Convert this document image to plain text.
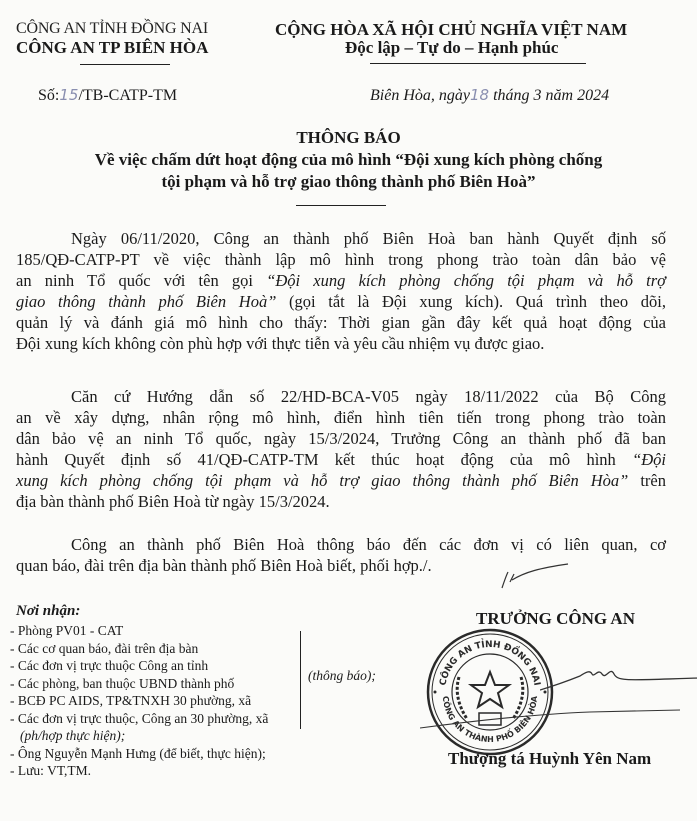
CÔNG AN TỈNH ĐỒNG NAI
CÔNG AN TP BIÊN HÒA
CỘNG HÒA XÃ HỘI CHỦ NGHĨA VIỆT NAM
Độc lập – Tự do – Hạnh phúc
Số:15/TB-CATP-TM	Biên Hòa, ngày18 tháng 3 năm 2024
THÔNG BÁO
Về việc chấm dứt hoạt động của mô hình “Đội xung kích phòng chống
tội phạm và hỗ trợ giao thông thành phố Biên Hoà”
Ngày 06/11/2020, Công an thành phố Biên Hoà ban hành Quyết định số
185/QĐ-CATP-PT về việc thành lập mô hình trong phong trào toàn dân bảo vệ
an ninh Tổ quốc với tên gọi “Đội xung kích phòng chống tội phạm và hỗ trợ
giao thông thành phố Biên Hoà” (gọi tắt là Đội xung kích). Quá trình theo dõi,
quản lý và đánh giá mô hình cho thấy: Thời gian gần đây kết quả hoạt động của
Đội xung kích không còn phù hợp với thực tiễn và yêu cầu nhiệm vụ được giao.
Căn cứ Hướng dẫn số 22/HD-BCA-V05 ngày 18/11/2022 của Bộ Công
an về xây dựng, nhân rộng mô hình, điển hình tiên tiến trong phong trào toàn
dân bảo vệ an ninh Tổ quốc, ngày 15/3/2024, Trưởng Công an thành phố đã ban
hành Quyết định số 41/QĐ-CATP-TM kết thúc hoạt động của mô hình “Đội
xung kích phòng chống tội phạm và hỗ trợ giao thông thành phố Biên Hòa” trên
địa bàn thành phố Biên Hoà từ ngày 15/3/2024.
Công an thành phố Biên Hoà thông báo đến các đơn vị có liên quan, cơ
quan báo, đài trên địa bàn thành phố Biên Hoà biết, phối hợp./.
Nơi nhận:
- Phòng PV01 - CAT
- Các cơ quan báo, đài trên địa bàn
- Các đơn vị trực thuộc Công an tỉnh
- Các phòng, ban thuộc UBND thành phố
- BCĐ PC AIDS, TP&TNXH 30 phường, xã
- Các đơn vị trực thuộc, Công an 30 phường, xã
(ph/hợp thực hiện);
- Ông Nguyễn Mạnh Hưng (để biết, thực hiện);
- Lưu: VT,TM.
(thông báo);
TRƯỞNG CÔNG AN
CÔNG AN TỈNH ĐỒNG NAI
CÔNG AN THÀNH PHỐ BIÊN HÒA
Thượng tá Huỳnh Yên Nam
